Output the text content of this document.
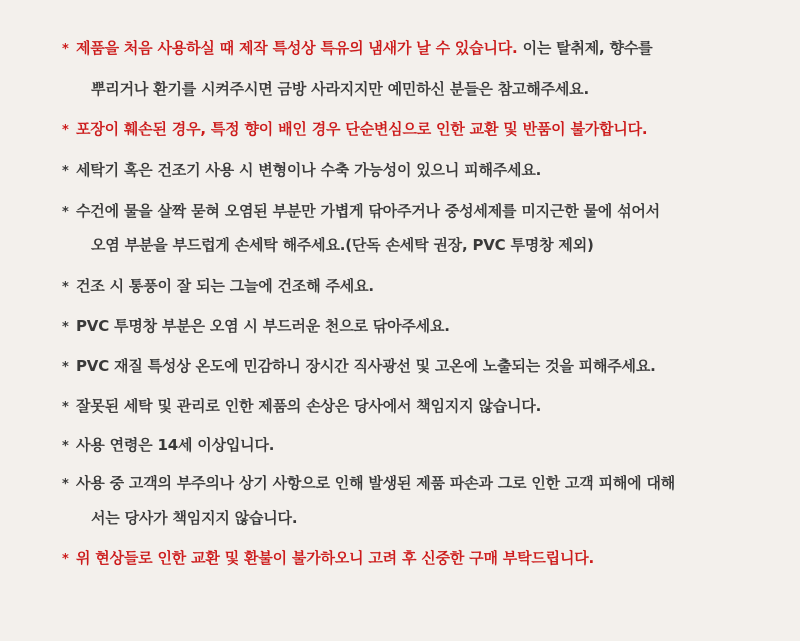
* 제품을 처음 사용하실 때 제작 특성상 특유의 냄새가 날 수 있습니다. 이는 탈취제, 향수를
뿌리거나 환기를 시켜주시면 금방 사라지지만 예민하신 분들은 참고해주세요.
* 포장이 훼손된 경우, 특정 향이 배인 경우 단순변심으로 인한 교환 및 반품이 불가합니다.
* 세탁기 혹은 건조기 사용 시 변형이나 수축 가능성이 있으니 피해주세요.
* 수건에 물을 살짝 묻혀 오염된 부분만 가볍게 닦아주거나 중성세제를 미지근한 물에 섞어서
오염 부분을 부드럽게 손세탁 해주세요.(단독 손세탁 권장, PVC 투명창 제외)
* 건조 시 통풍이 잘 되는 그늘에 건조해 주세요.
* PVC 투명창 부분은 오염 시 부드러운 천으로 닦아주세요.
* PVC 재질 특성상 온도에 민감하니 장시간 직사광선 및 고온에 노출되는 것을 피해주세요.
* 잘못된 세탁 및 관리로 인한 제품의 손상은 당사에서 책임지지 않습니다.
* 사용 연령은 14세 이상입니다.
* 사용 중 고객의 부주의나 상기 사항으로 인해 발생된 제품 파손과 그로 인한 고객 피해에 대해
서는 당사가 책임지지 않습니다.
* 위 현상들로 인한 교환 및 환불이 불가하오니 고려 후 신중한 구매 부탁드립니다.
